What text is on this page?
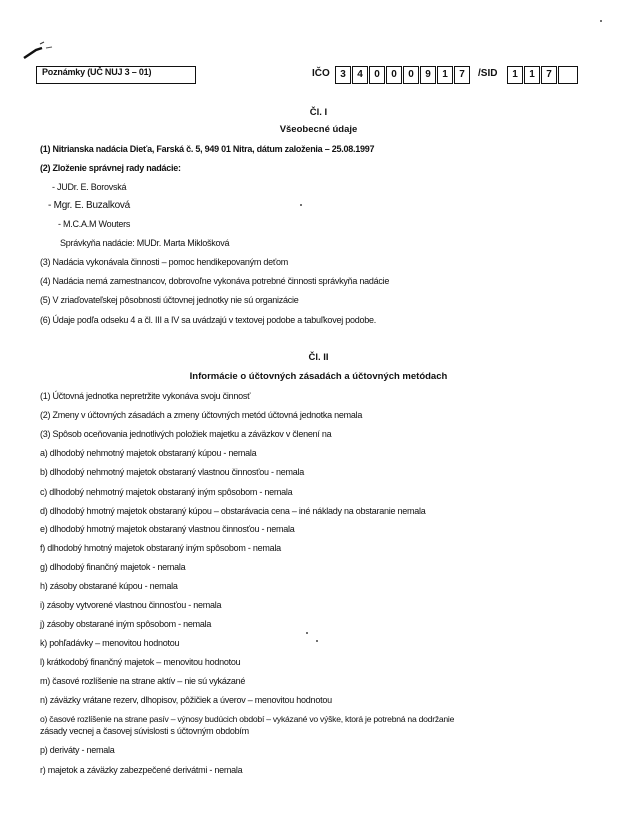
Poznámky (UČ NUJ 3 – 01)	IČO	3	4	0	0	0	9	1	7	/SID	1	1	7
Čl. I
Všeobecné údaje
(1) Nitrianska nadácia Dieťa, Farská č. 5, 949 01 Nitra, dátum založenia – 25.08.1997
(2) Zloženie správnej rady nadácie:
- JUDr. E. Borovská
- Mgr. E. Buzalková
- M.C.A.M Wouters
Správkyňa nadácie: MUDr. Marta Miklošková
(3) Nadácia vykonávala činnosti – pomoc hendikepovaným deťom
(4) Nadácia nemá zamestnancov, dobrovoľne vykonáva potrebné činnosti správkyňa nadácie
(5) V zriaďovateľskej pôsobnosti účtovnej jednotky nie sú organizácie
(6) Údaje podľa odseku 4 a čl. III a IV sa uvádzajú v textovej podobe a tabuľkovej podobe.
Čl. II
Informácie o účtovných zásadách a účtovných metódach
(1) Účtovná jednotka nepretržite vykonáva svoju činnosť
(2) Zmeny v účtovných zásadách a zmeny účtovných metód účtovná jednotka nemala
(3) Spôsob oceňovania jednotlivých položiek majetku a záväzkov v členení na
a) dlhodobý nehmotný majetok obstaraný kúpou - nemala
b) dlhodobý nehmotný majetok obstaraný vlastnou činnosťou - nemala
c) dlhodobý nehmotný majetok obstaraný iným spôsobom - nemala
d) dlhodobý hmotný majetok obstaraný kúpou – obstarávacia cena – iné náklady na obstaranie nemala
e) dlhodobý hmotný majetok obstaraný vlastnou činnosťou - nemala
f) dlhodobý hmotný majetok obstaraný iným spôsobom - nemala
g) dlhodobý finančný majetok - nemala
h) zásoby obstarané kúpou - nemala
i) zásoby vytvorené vlastnou činnosťou - nemala
j) zásoby obstarané iným spôsobom - nemala
k) pohľadávky – menovitou hodnotou
l) krátkodobý finančný majetok – menovitou hodnotou
m) časové rozlíšenie na strane aktív – nie sú vykázané
n) záväzky vrátane rezerv, dlhopisov, pôžičiek a úverov – menovitou hodnotou
o) časové rozlíšenie na strane pasív – výnosy budúcich období – vykázané vo výške, ktorá je potrebná na dodržanie
zásady vecnej a časovej súvislosti s účtovným obdobím
p) deriváty - nemala
r) majetok a záväzky zabezpečené derivátmi - nemala
